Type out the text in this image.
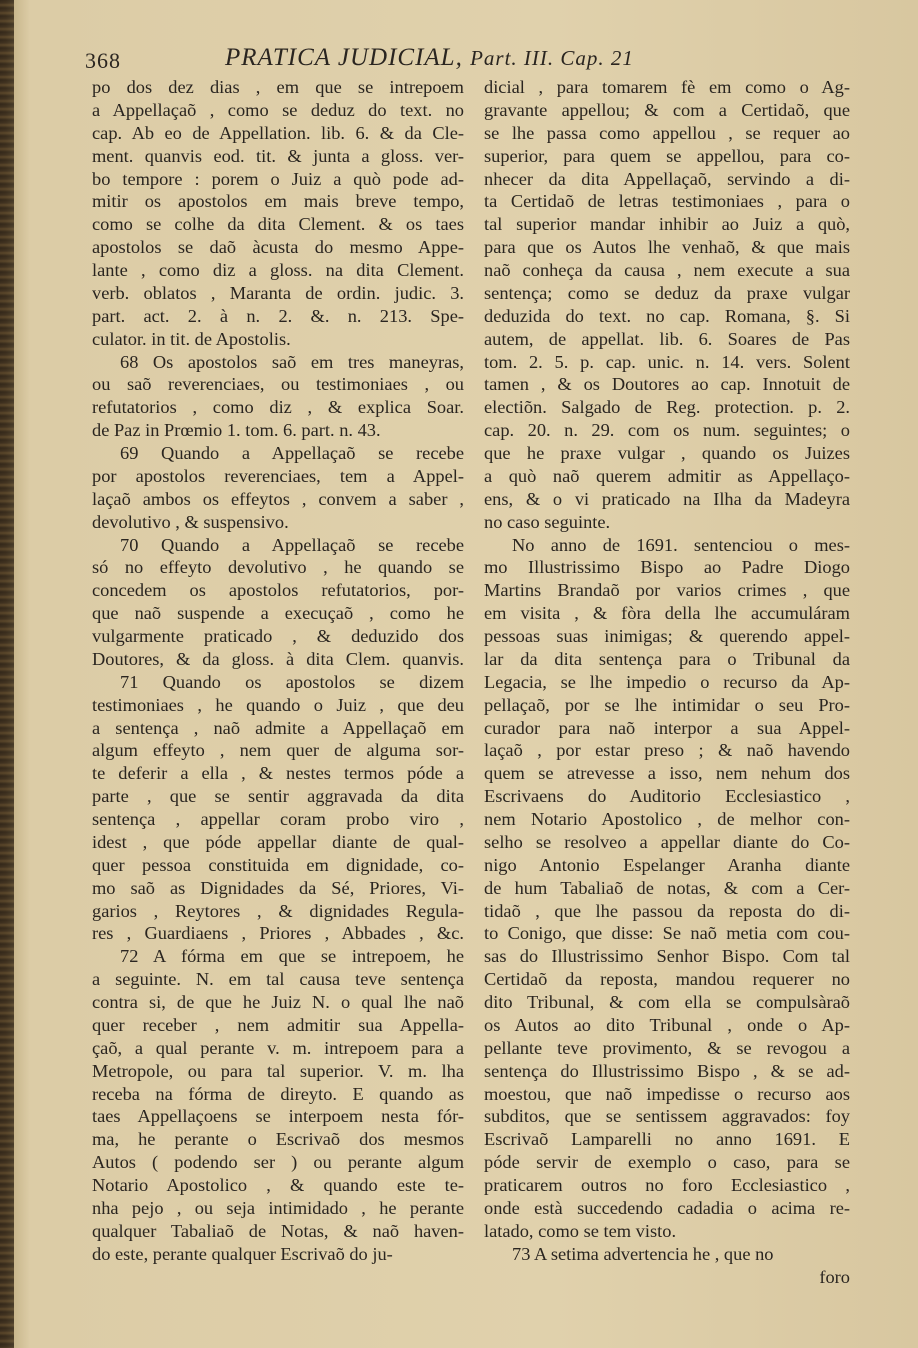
368	PRATICA JUDICIAL, Part. III. Cap. 21
po dos dez dias , em que se intrepoem
a Appellaçaõ , como se deduz do text. no
cap. Ab eo de Appellation. lib. 6. & da Cle-
ment. quanvis eod. tit. & junta a gloss. ver-
bo tempore : porem o Juiz a quò pode ad-
mitir os apostolos em mais breve tempo,
como se colhe da dita Clement. & os taes
apostolos se daõ àcusta do mesmo Appe-
lante , como diz a gloss. na dita Clement.
verb. oblatos , Maranta de ordin. judic. 3.
part. act. 2. à n. 2. &. n. 213. Spe-
culator. in tit. de Apostolis.
68 Os apostolos saõ em tres maneyras,
ou saõ reverenciaes, ou testimoniaes , ou
refutatorios , como diz , & explica Soar.
de Paz in Prœmio 1. tom. 6. part. n. 43.
69 Quando a Appellaçaõ se recebe
por apostolos reverenciaes, tem a Appel-
laçaõ ambos os effeytos , convem a saber ,
devolutivo , & suspensivo.
70 Quando a Appellaçaõ se recebe
só no effeyto devolutivo , he quando se
concedem os apostolos refutatorios, por-
que naõ suspende a execuçaõ , como he
vulgarmente praticado , & deduzido dos
Doutores, & da gloss. à dita Clem. quanvis.
71 Quando os apostolos se dizem
testimoniaes , he quando o Juiz , que deu
a sentença , naõ admite a Appellaçaõ em
algum effeyto , nem quer de alguma sor-
te deferir a ella , & nestes termos póde a
parte , que se sentir aggravada da dita
sentença , appellar coram probo viro ,
idest , que póde appellar diante de qual-
quer pessoa constituida em dignidade, co-
mo saõ as Dignidades da Sé, Priores, Vi-
garios , Reytores , & dignidades Regula-
res , Guardiaens , Priores , Abbades , &c.
72 A fórma em que se intrepoem, he
a seguinte. N. em tal causa teve sentença
contra si, de que he Juiz N. o qual lhe naõ
quer receber , nem admitir sua Appella-
çaõ, a qual perante v. m. intrepoem para a
Metropole, ou para tal superior. V. m. lha
receba na fórma de direyto. E quando as
taes Appellaçoens se interpoem nesta fór-
ma, he perante o Escrivaõ dos mesmos
Autos ( podendo ser ) ou perante algum
Notario Apostolico , & quando este te-
nha pejo , ou seja intimidado , he perante
qualquer Tabaliaõ de Notas, & naõ haven-
do este, perante qualquer Escrivaõ do ju-
dicial , para tomarem fè em como o Ag-
gravante appellou; & com a Certidaõ, que
se lhe passa como appellou , se requer ao
superior, para quem se appellou, para co-
nhecer da dita Appellaçaõ, servindo a di-
ta Certidaõ de letras testimoniaes , para o
tal superior mandar inhibir ao Juiz a quò,
para que os Autos lhe venhaõ, & que mais
naõ conheça da causa , nem execute a sua
sentença; como se deduz da praxe vulgar
deduzida do text. no cap. Romana, §. Si
autem, de appellat. lib. 6. Soares de Pas
tom. 2. 5. p. cap. unic. n. 14. vers. Solent
tamen , & os Doutores ao cap. Innotuit de
electiõn. Salgado de Reg. protection. p. 2.
cap. 20. n. 29. com os num. seguintes; o
que he praxe vulgar , quando os Juizes
a quò naõ querem admitir as Appellaço-
ens, & o vi praticado na Ilha da Madeyra
no caso seguinte.
No anno de 1691. sentenciou o mes-
mo Illustrissimo Bispo ao Padre Diogo
Martins Brandaõ por varios crimes , que
em visita , & fòra della lhe accumuláram
pessoas suas inimigas; & querendo appel-
lar da dita sentença para o Tribunal da
Legacia, se lhe impedio o recurso da Ap-
pellaçaõ, por se lhe intimidar o seu Pro-
curador para naõ interpor a sua Appel-
laçaõ , por estar preso ; & naõ havendo
quem se atrevesse a isso, nem nehum dos
Escrivaens do Auditorio Ecclesiastico ,
nem Notario Apostolico , de melhor con-
selho se resolveo a appellar diante do Co-
nigo Antonio Espelanger Aranha diante
de hum Tabaliaõ de notas, & com a Cer-
tidaõ , que lhe passou da reposta do di-
to Conigo, que disse: Se naõ metia com cou-
sas do Illustrissimo Senhor Bispo. Com tal
Certidaõ da reposta, mandou requerer no
dito Tribunal, & com ella se compulsàraõ
os Autos ao dito Tribunal , onde o Ap-
pellante teve provimento, & se revogou a
sentença do Illustrissimo Bispo , & se ad-
moestou, que naõ impedisse o recurso aos
subditos, que se sentissem aggravados: foy
Escrivaõ Lamparelli no anno 1691. E
póde servir de exemplo o caso, para se
praticarem outros no foro Ecclesiastico ,
onde està succedendo cadadia o acima re-
latado, como se tem visto.
73 A setima advertencia he , que no
foro
